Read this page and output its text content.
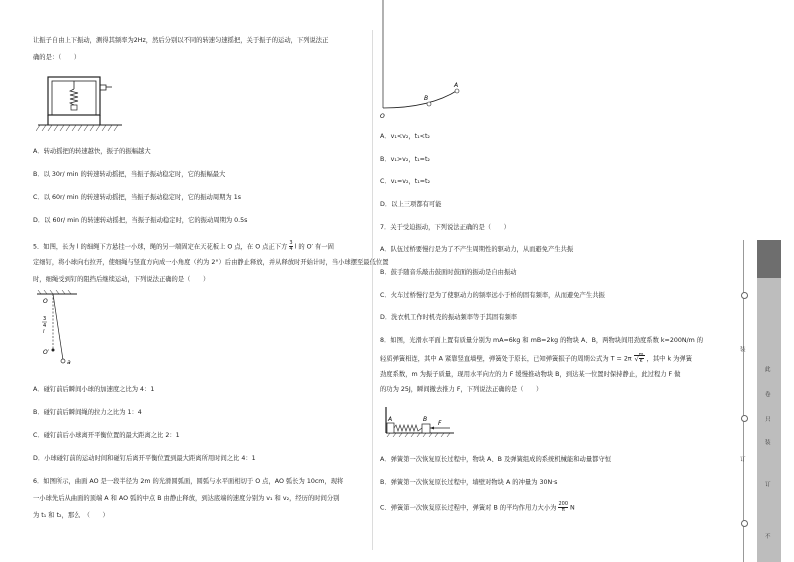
让振子自由上下振动，测得其频率为2Hz，然后分别以不同的转速匀速摇把，关于振子的运动，下列说法正

确的是：（　　）

A．转动摇把的转速越快，振子的振幅越大

B．以 30r/ min 的转速转动摇把，当振子振动稳定时，它的振幅最大

C．以 60r/ min 的转速转动摇把，当振子振动稳定时，它的振动周期为 1s

D．以 60r/ min 的转速转动摇把，当振子振动稳定时，它的振动周期为 0.5s

5．如图，长为 l 的细绳下方悬挂一小球，绳的另一端固定在天花板上 O 点，在 O 点正下方 $\frac{3}{4}$ l 的 O′ 有一固

定细钉，将小球向右拉开，使细绳与竖直方向成一小角度（约为 2°）后由静止释放，并从释放时开始计时，当小球摆至最低位置

时，细绳受到钉的阻挡后继续运动，下列说法正确的是（　　）

O
3
4
l
O′
a

A．碰钉前后瞬间小球的加速度之比为 4：1

B．碰钉前后瞬间绳的拉力之比为 1：4

C．碰钉前后小球离开平衡位置的最大距离之比 2：1

D．小球碰钉前的运动时间和碰钉后离开平衡位置到最大距离所用时间之比 4：1

6．如图所示，曲面 AO 是一段半径为 2m 的光滑圆弧面，圆弧与水平面相切于 O 点，AO 弧长为 10cm，现将

一小球先后从曲面的顶端 A 和 AO 弧的中点 B 由静止释放，到达底端的速度分别为 v₁ 和 v₂，经历的时间分别

为 t₁ 和 t₂，那么　（　　）

B
A
O

A．v₁<v₂，t₁<t₂

B．v₁>v₂，t₁=t₂

C．v₁=v₂，t₁=t₂

D．以上三项都有可能

7．关于受迫振动，下列说法正确的是（　　）

A．队伍过桥要慢行是为了不产生周期性的驱动力，从而避免产生共振

B．鼓手随音乐敲击鼓面时鼓面的振动是自由振动

C．火车过桥慢行是为了使驱动力的频率远小于桥的固有频率，从而避免产生共振

D．洗衣机工作时机壳的振动频率等于其固有频率

8．如图，光滑水平面上置有质量分别为 mA=6kg 和 mB=2kg 的物块 A、B，两物块间用劲度系数 k=200N/m 的

轻质弹簧相连，其中 A 紧靠竖直墙壁，弹簧处于原长，已知弹簧振子的周期公式为 T = 2π √ $\frac{m}{k}$ ，其中 k 为弹簧

劲度系数，m 为振子质量，现用水平向左的力 F 缓慢推动物块 B，到达某一位置时保持静止，此过程力 F 做

的功为 25J，瞬间撤去推力 F，下列说法正确的是（　　）

A	B
F

A．弹簧第一次恢复原长过程中，物块 A、B 及弹簧组成的系统机械能和动量都守恒

B．弹簧第一次恢复原长过程中，墙壁对物块 A 的冲量为 30N·s

C．弹簧第一次恢复原长过程中，弹簧对 B 的平均作用力大小为 $\frac{200}{\pi}$ N

装
订
此
卷
只
装
订
不
